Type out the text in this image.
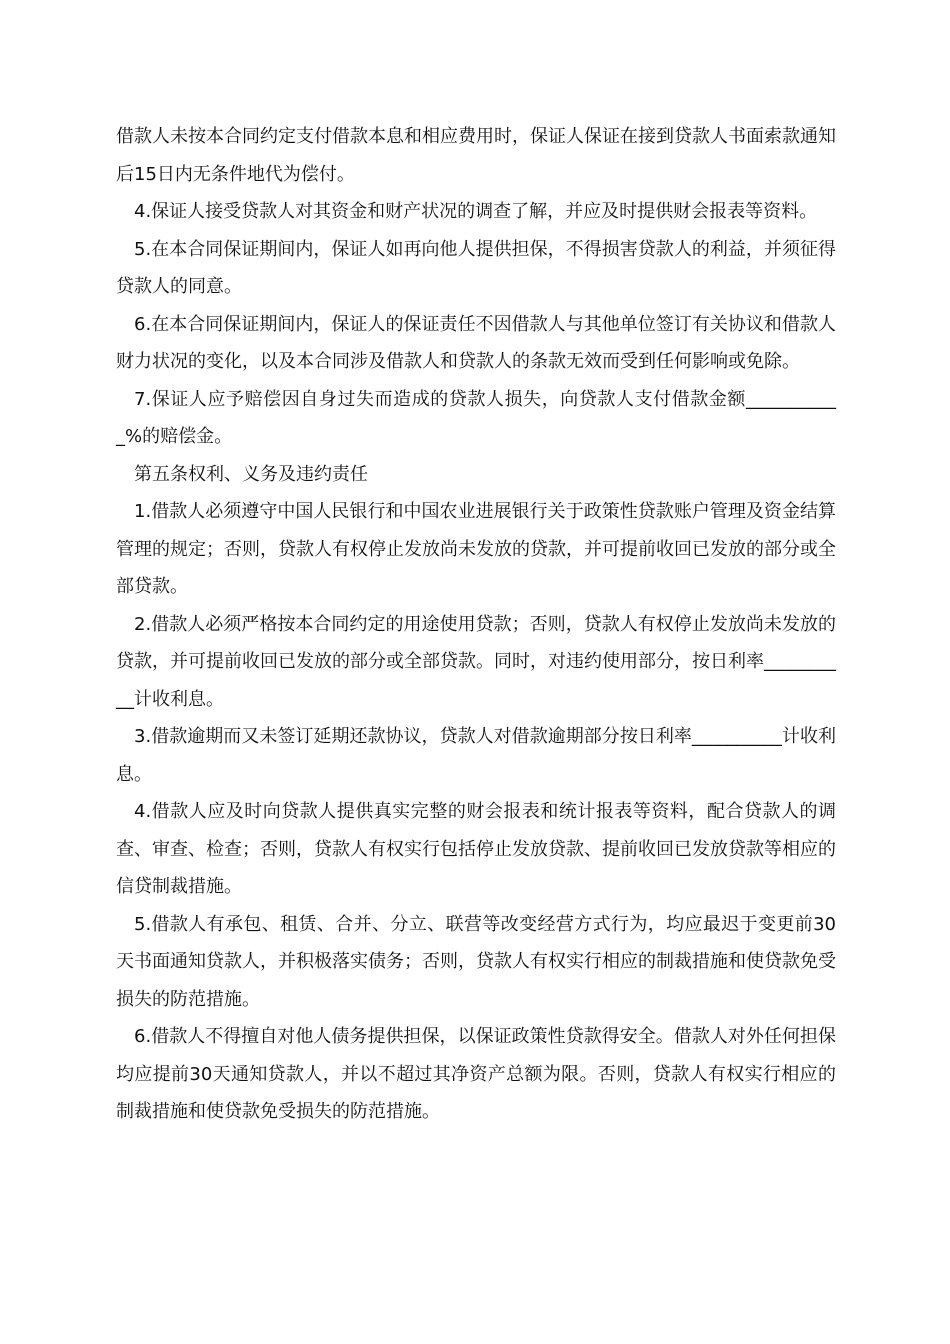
借款人未按本合同约定支付借款本息和相应费用时，保证人保证在接到贷款人书面索款通知后15日内无条件地代为偿付。

4.保证人接受贷款人对其资金和财产状况的调查了解，并应及时提供财会报表等资料。

5.在本合同保证期间内，保证人如再向他人提供担保，不得损害贷款人的利益，并须征得贷款人的同意。

6.在本合同保证期间内，保证人的保证责任不因借款人与其他单位签订有关协议和借款人财力状况的变化，以及本合同涉及借款人和贷款人的条款无效而受到任何影响或免除。

7.保证人应予赔偿因自身过失而造成的贷款人损失，向贷款人支付借款金额___________%的赔偿金。

第五条权利、义务及违约责任

1.借款人必须遵守中国人民银行和中国农业进展银行关于政策性贷款账户管理及资金结算管理的规定；否则，贷款人有权停止发放尚未发放的贷款，并可提前收回已发放的部分或全部贷款。

2.借款人必须严格按本合同约定的用途使用贷款；否则，贷款人有权停止发放尚未发放的贷款，并可提前收回已发放的部分或全部贷款。同时，对违约使用部分，按日利率__________计收利息。

3.借款逾期而又未签订延期还款协议，贷款人对借款逾期部分按日利率__________计收利息。

4.借款人应及时向贷款人提供真实完整的财会报表和统计报表等资料，配合贷款人的调查、审查、检查；否则，贷款人有权实行包括停止发放贷款、提前收回已发放贷款等相应的信贷制裁措施。

5.借款人有承包、租赁、合并、分立、联营等改变经营方式行为，均应最迟于变更前30天书面通知贷款人，并积极落实债务；否则，贷款人有权实行相应的制裁措施和使贷款免受损失的防范措施。

6.借款人不得擅自对他人债务提供担保，以保证政策性贷款得安全。借款人对外任何担保均应提前30天通知贷款人，并以不超过其净资产总额为限。否则，贷款人有权实行相应的制裁措施和使贷款免受损失的防范措施。
